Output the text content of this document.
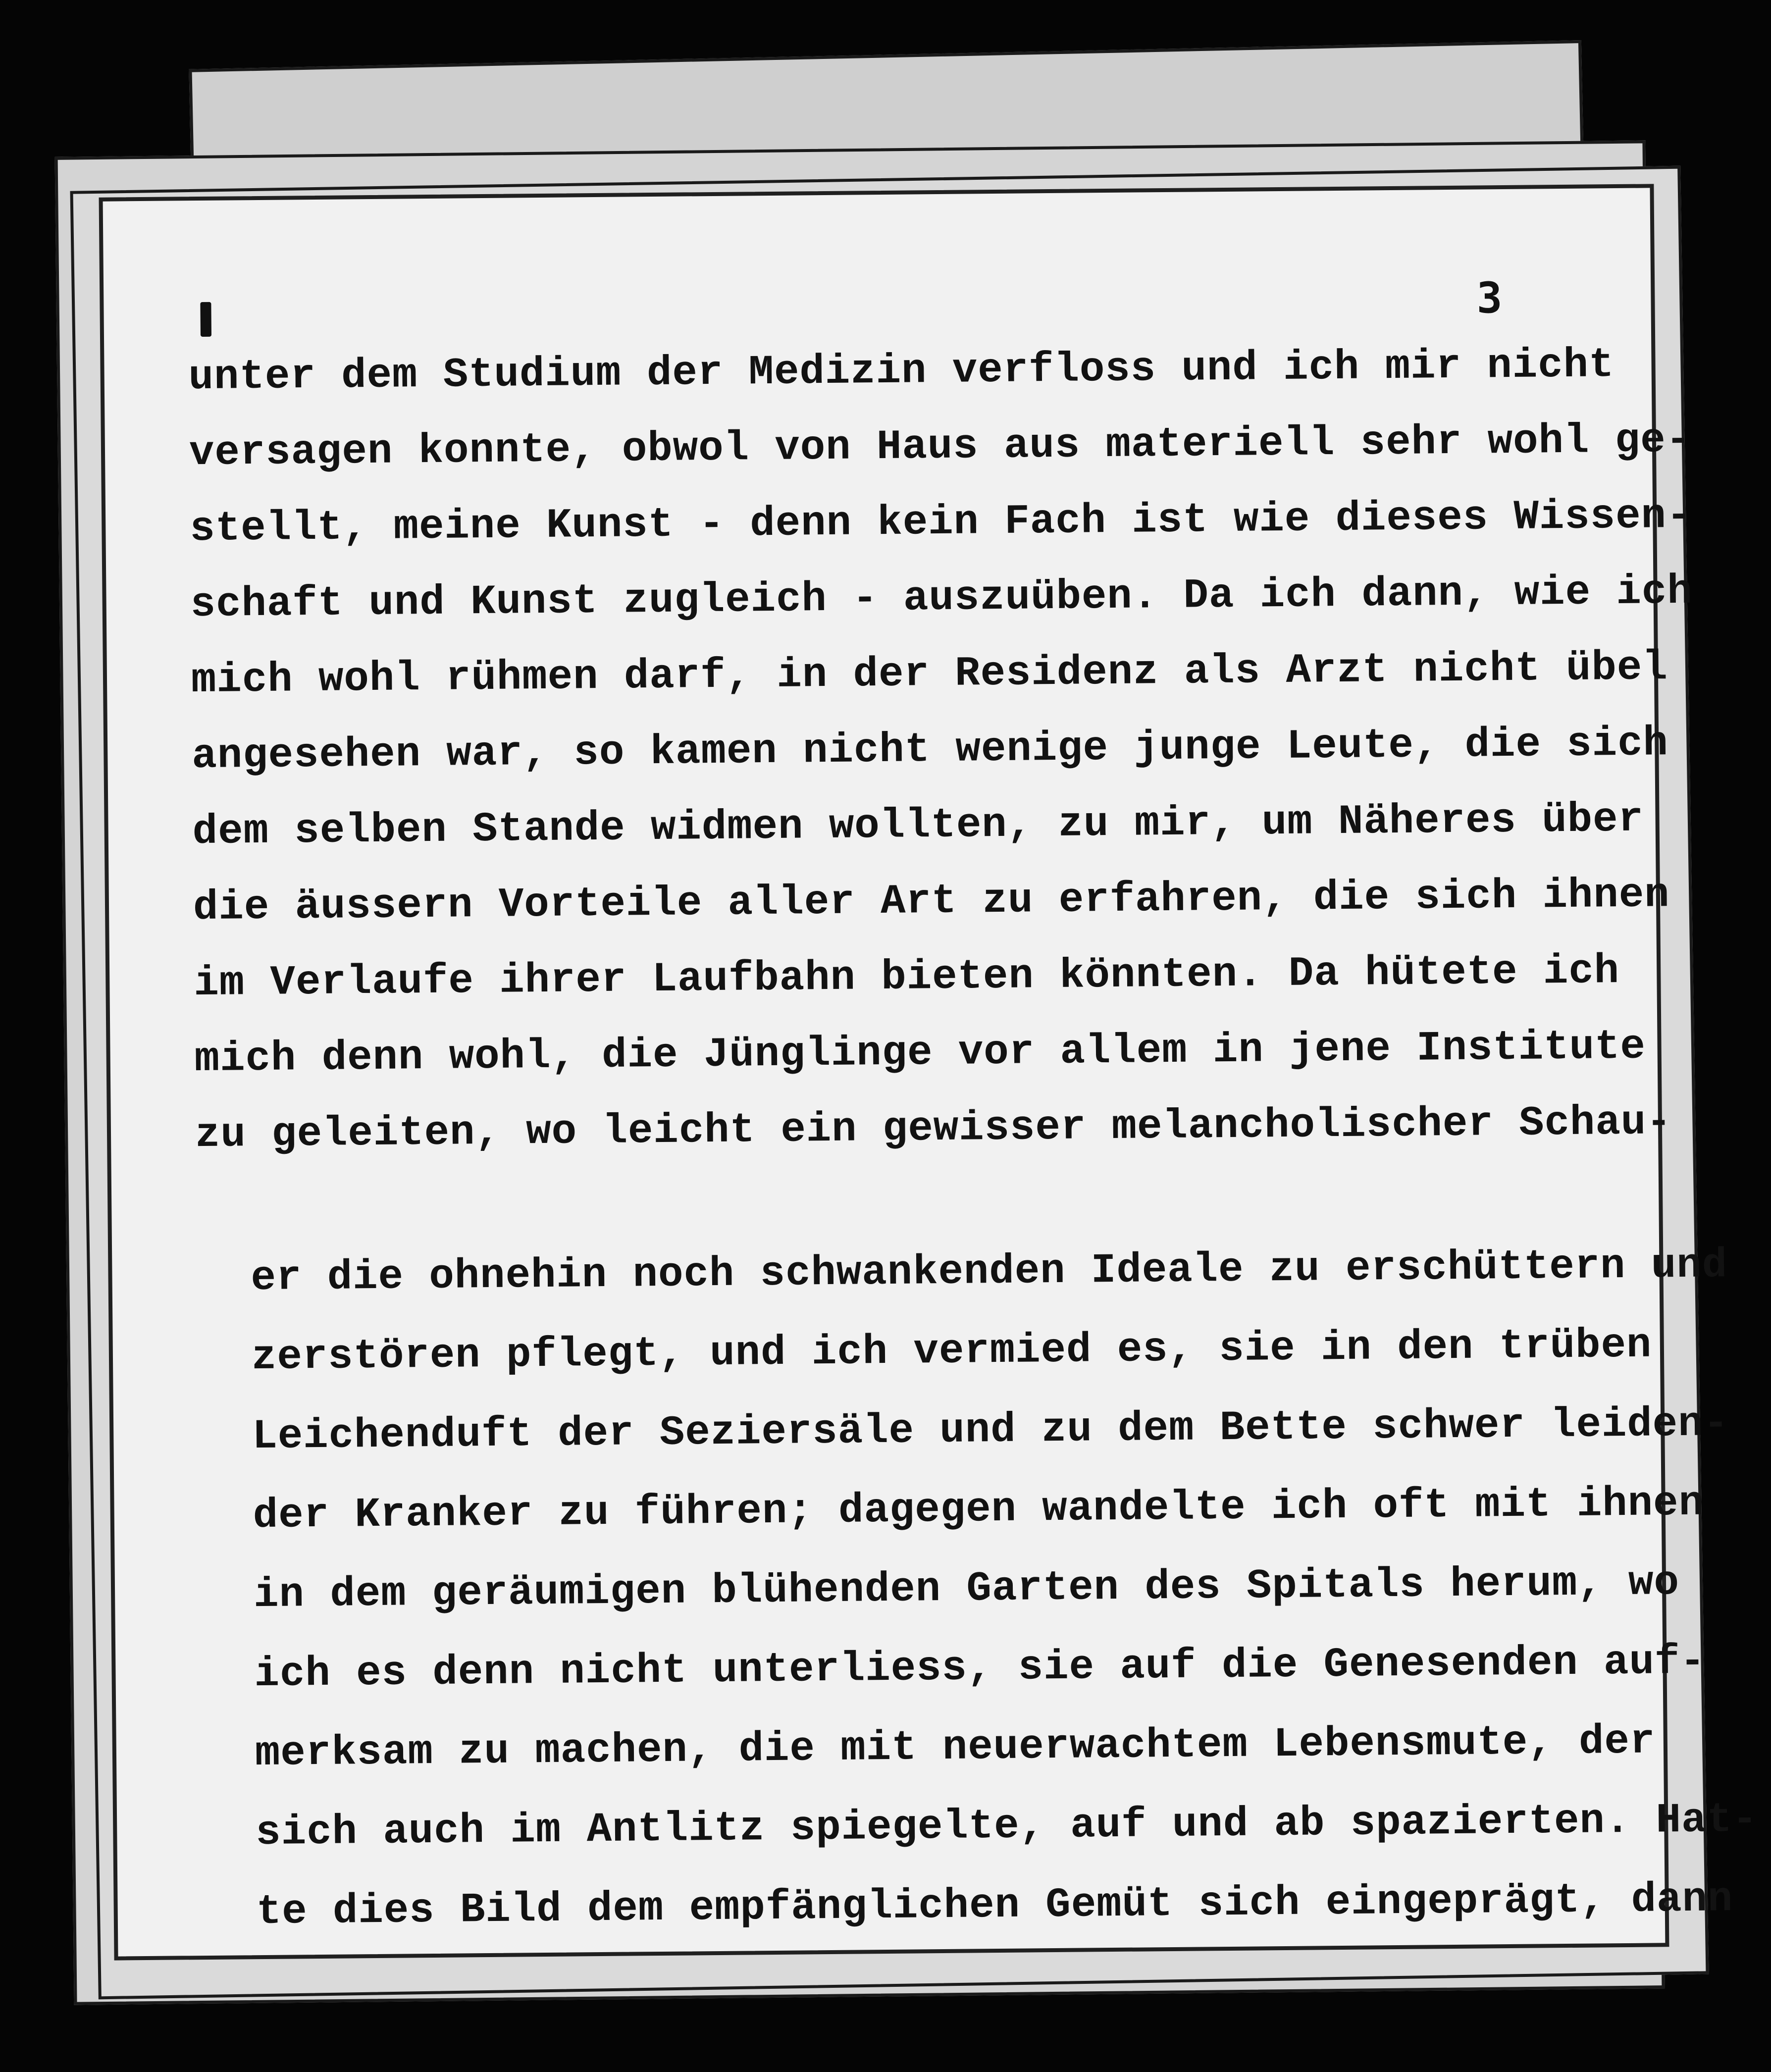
3
unter dem Studium der Medizin verfloss und ich mir nicht
versagen konnte, obwol von Haus aus materiell sehr wohl ge-
stellt, meine Kunst - denn kein Fach ist wie dieses Wissen-
schaft und Kunst zugleich - auszuüben. Da ich dann, wie ich
mich wohl rühmen darf, in der Residenz als Arzt nicht übel
angesehen war, so kamen nicht wenige junge Leute, die sich
dem selben Stande widmen wollten, zu mir, um Näheres über
die äussern Vorteile aller Art zu erfahren, die sich ihnen
im Verlaufe ihrer Laufbahn bieten könnten. Da hütete ich
mich denn wohl, die Jünglinge vor allem in jene Institute
zu geleiten, wo leicht ein gewisser melancholischer Schau-
er die ohnehin noch schwankenden Ideale zu erschüttern und
zerstören pflegt, und ich vermied es, sie in den trüben
Leichenduft der Seziersäle und zu dem Bette schwer leiden-
der Kranker zu führen; dagegen wandelte ich oft mit ihnen
in dem geräumigen blühenden Garten des Spitals herum, wo
ich es denn nicht unterliess, sie auf die Genesenden auf-
merksam zu machen, die mit neuerwachtem Lebensmute, der
sich auch im Antlitz spiegelte, auf und ab spazierten. Hat-
te dies Bild dem empfänglichen Gemüt sich eingeprägt, dann
